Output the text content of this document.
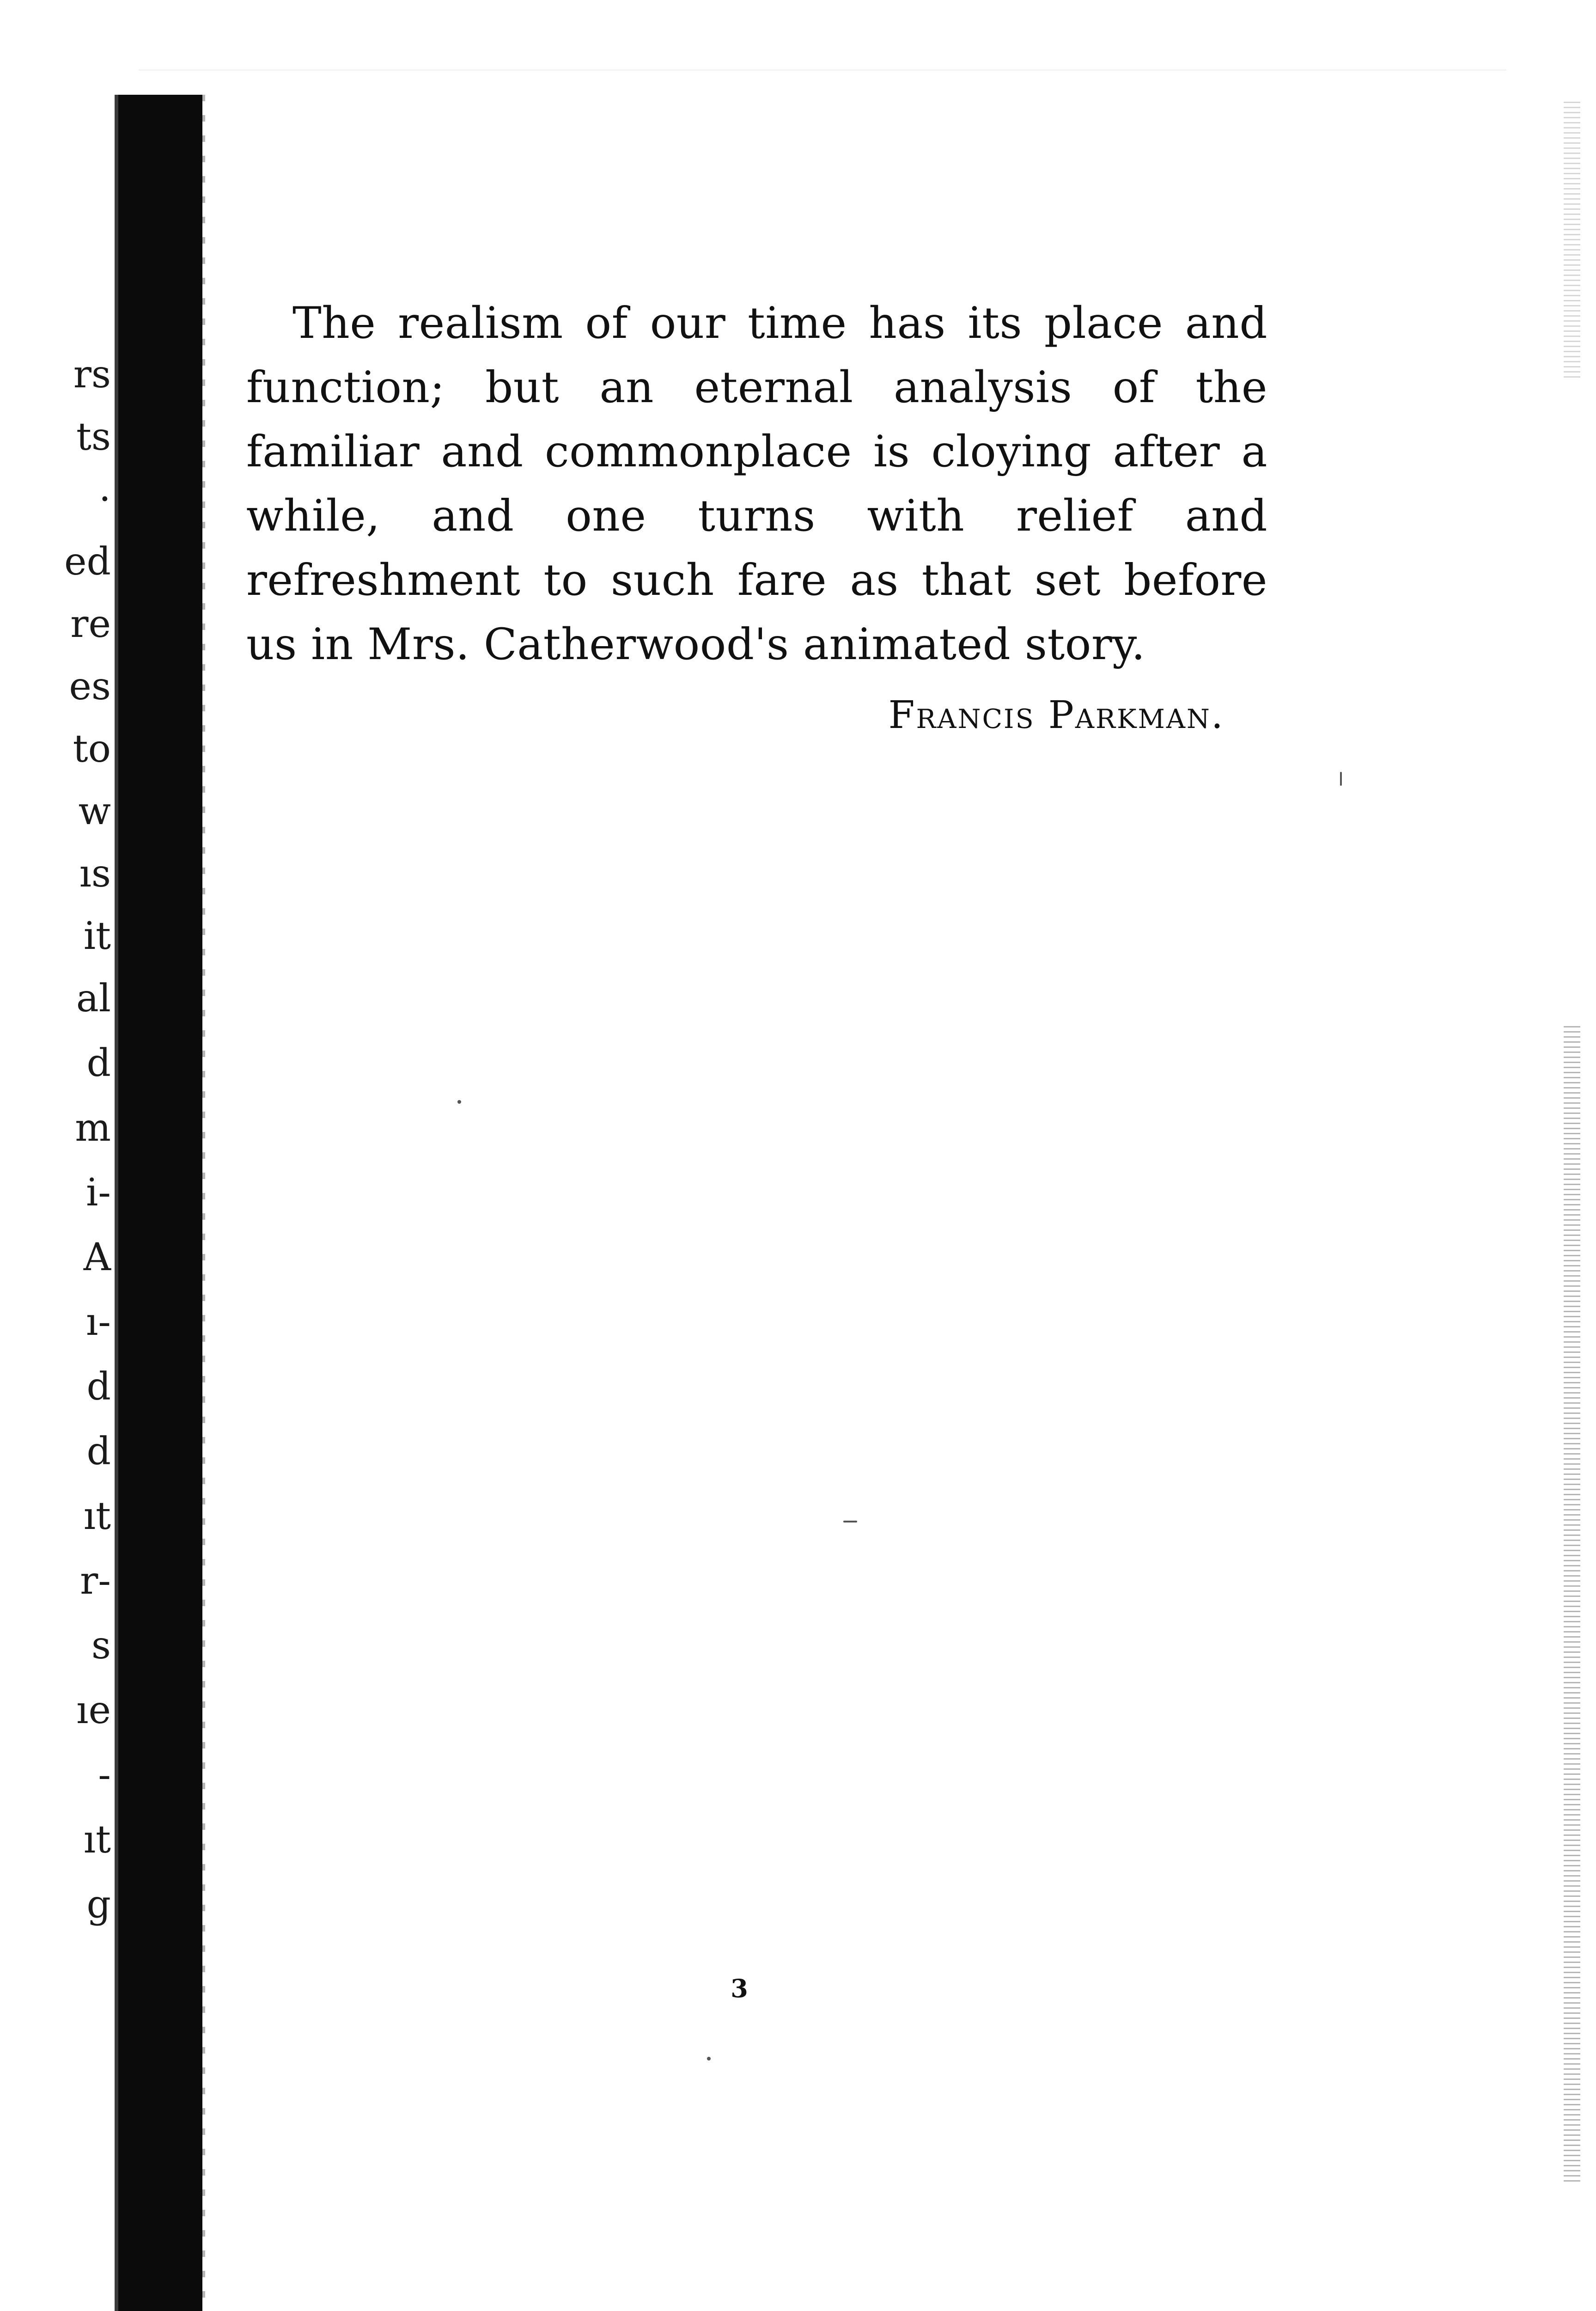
rs
ts
·
ed
re
es
to
w
ıs
it
al
d
m
i-
A
ı-
d
d
ıt
r-
s
ıe
-
ıt
g

The realism of our time has its place and function; but an eternal analysis of the familiar and commonplace is cloying after a while, and one turns with relief and refreshment to such fare as that set before us in Mrs. Catherwood's animated story.

Francis Parkman.

3
